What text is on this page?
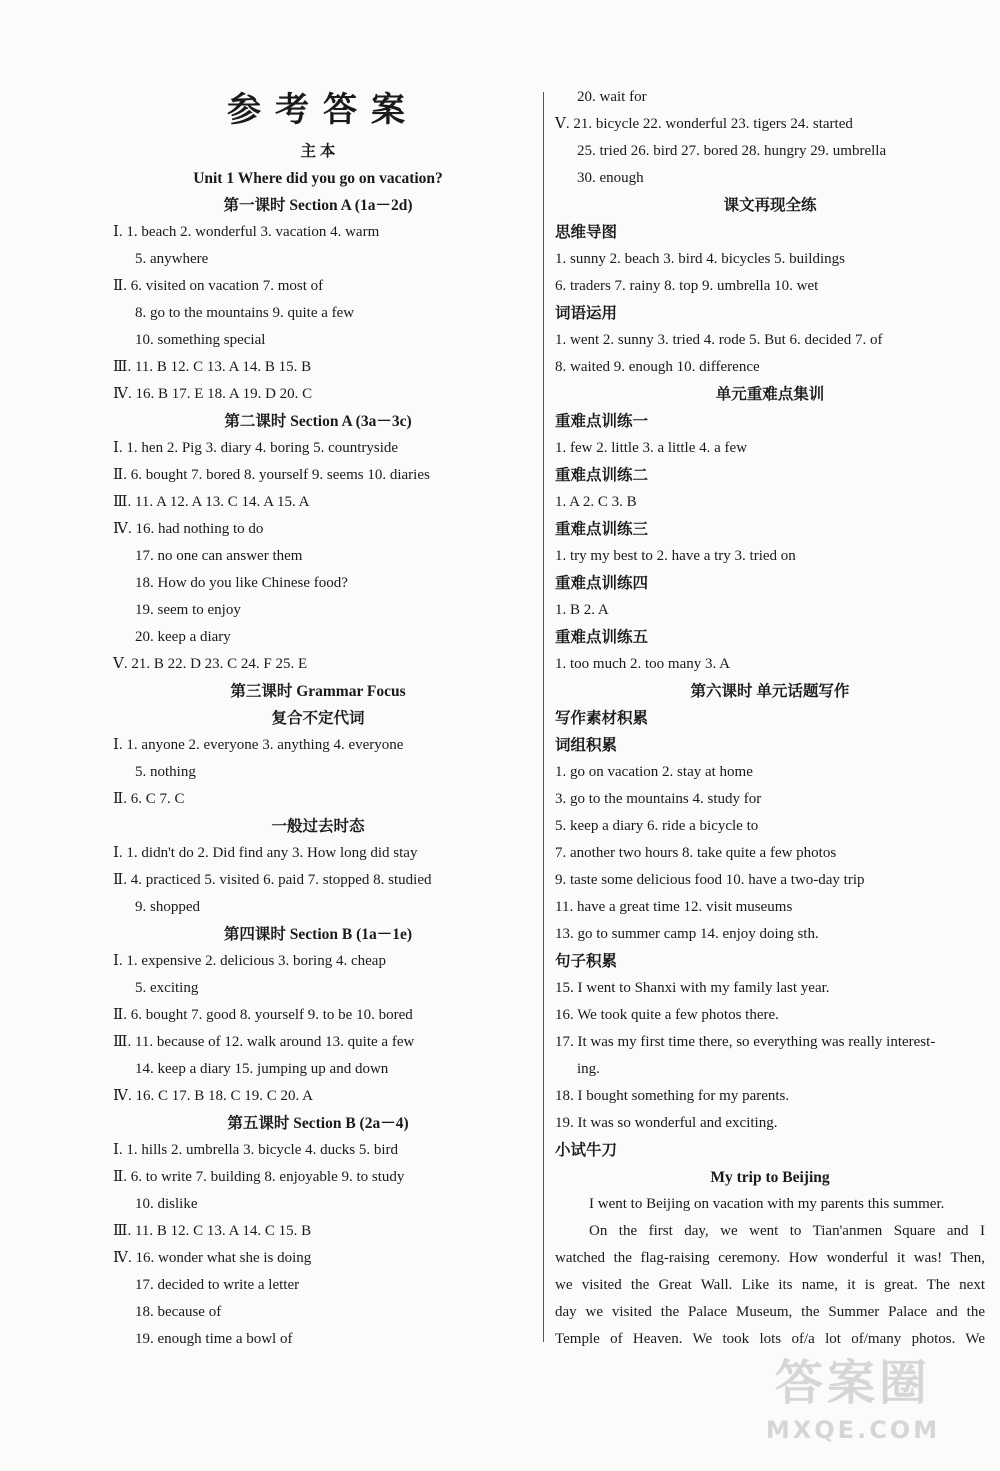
参考答案
主 本
Unit 1 Where did you go on vacation?
第一课时 Section A (1a－2d)
Ⅰ. 1. beach 2. wonderful 3. vacation 4. warm
5. anywhere
Ⅱ. 6. visited on vacation 7. most of
8. go to the mountains 9. quite a few
10. something special
Ⅲ. 11. B 12. C 13. A 14. B 15. B
Ⅳ. 16. B 17. E 18. A 19. D 20. C
第二课时 Section A (3a－3c)
Ⅰ. 1. hen 2. Pig 3. diary 4. boring 5. countryside
Ⅱ. 6. bought 7. bored 8. yourself 9. seems 10. diaries
Ⅲ. 11. A 12. A 13. C 14. A 15. A
Ⅳ. 16. had nothing to do
17. no one can answer them
18. How do you like Chinese food?
19. seem to enjoy
20. keep a diary
Ⅴ. 21. B 22. D 23. C 24. F 25. E
第三课时 Grammar Focus
复合不定代词
Ⅰ. 1. anyone 2. everyone 3. anything 4. everyone
5. nothing
Ⅱ. 6. C 7. C
一般过去时态
Ⅰ. 1. didn't do 2. Did find any 3. How long did stay
Ⅱ. 4. practiced 5. visited 6. paid 7. stopped 8. studied
9. shopped
第四课时 Section B (1a－1e)
Ⅰ. 1. expensive 2. delicious 3. boring 4. cheap
5. exciting
Ⅱ. 6. bought 7. good 8. yourself 9. to be 10. bored
Ⅲ. 11. because of 12. walk around 13. quite a few
14. keep a diary 15. jumping up and down
Ⅳ. 16. C 17. B 18. C 19. C 20. A
第五课时 Section B (2a－4)
Ⅰ. 1. hills 2. umbrella 3. bicycle 4. ducks 5. bird
Ⅱ. 6. to write 7. building 8. enjoyable 9. to study
10. dislike
Ⅲ. 11. B 12. C 13. A 14. C 15. B
Ⅳ. 16. wonder what she is doing
17. decided to write a letter
18. because of
19. enough time a bowl of
20. wait for
Ⅴ. 21. bicycle 22. wonderful 23. tigers 24. started
25. tried 26. bird 27. bored 28. hungry 29. umbrella
30. enough
课文再现全练
思维导图
1. sunny 2. beach 3. bird 4. bicycles 5. buildings
6. traders 7. rainy 8. top 9. umbrella 10. wet
词语运用
1. went 2. sunny 3. tried 4. rode 5. But 6. decided 7. of
8. waited 9. enough 10. difference
单元重难点集训
重难点训练一
1. few 2. little 3. a little 4. a few
重难点训练二
1. A 2. C 3. B
重难点训练三
1. try my best to 2. have a try 3. tried on
重难点训练四
1. B 2. A
重难点训练五
1. too much 2. too many 3. A
第六课时 单元话题写作
写作素材积累
词组积累
1. go on vacation 2. stay at home
3. go to the mountains 4. study for
5. keep a diary 6. ride a bicycle to
7. another two hours 8. take quite a few photos
9. taste some delicious food 10. have a two-day trip
11. have a great time 12. visit museums
13. go to summer camp 14. enjoy doing sth.
句子积累
15. I went to Shanxi with my family last year.
16. We took quite a few photos there.
17. It was my first time there, so everything was really interest-
ing.
18. I bought something for my parents.
19. It was so wonderful and exciting.
小试牛刀
My trip to Beijing
I went to Beijing on vacation with my parents this summer.
On the first day, we went to Tian'anmen Square and I
watched the flag-raising ceremony. How wonderful it was! Then,
we visited the Great Wall. Like its name, it is great. The next
day we visited the Palace Museum, the Summer Palace and the
Temple of Heaven. We took lots of/a lot of/many photos. We
答案圈
MXQE.COM
